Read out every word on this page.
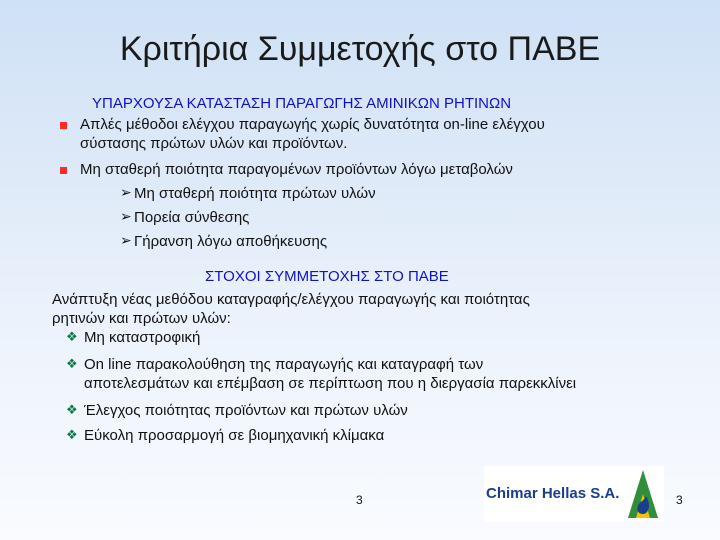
Κριτήρια Συμμετοχής στο ΠΑΒΕ
ΥΠΑΡΧΟΥΣΑ ΚΑΤΑΣΤΑΣΗ ΠΑΡΑΓΩΓΗΣ ΑΜΙΝΙΚΩΝ ΡΗΤΙΝΩΝ
Απλές μέθοδοι ελέγχου παραγωγής χωρίς δυνατότητα on-line ελέγχου
σύστασης πρώτων υλών και προϊόντων.
Μη σταθερή ποιότητα παραγομένων προϊόντων λόγω μεταβολών
➢ Μη σταθερή ποιότητα πρώτων υλών
➢ Πορεία σύνθεσης
➢ Γήρανση λόγω αποθήκευσης
ΣΤΟΧΟΙ ΣΥΜΜΕΤΟΧΗΣ ΣΤΟ ΠΑΒΕ
Ανάπτυξη νέας μεθόδου καταγραφής/ελέγχου παραγωγής και ποιότητας
ρητινών και πρώτων υλών:
❖ Μη καταστροφική
❖ On line παρακολούθηση της παραγωγής και καταγραφή των
αποτελεσμάτων και επέμβαση σε περίπτωση που η διεργασία παρεκκλίνει
❖ Έλεγχος ποιότητας προϊόντων και πρώτων υλών
❖ Εύκολη προσαρμογή σε βιομηχανική κλίμακα
3	Chimar Hellas S.A.	3
